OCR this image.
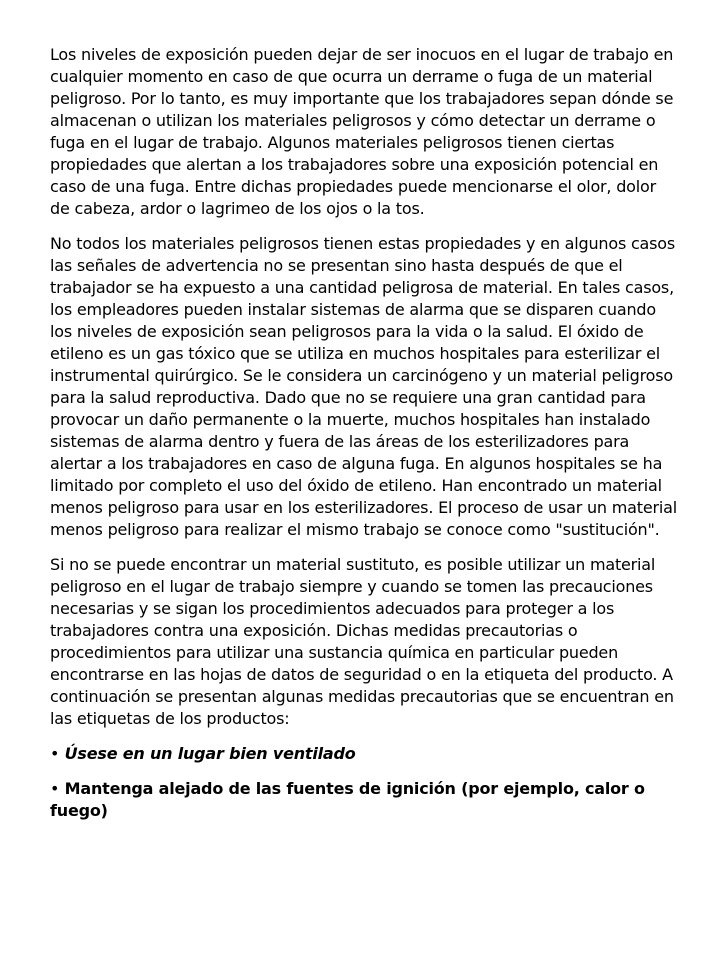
Los niveles de exposición pueden dejar de ser inocuos en el lugar de trabajo en cualquier momento en caso de que ocurra un derrame o fuga de un material peligroso. Por lo tanto, es muy importante que los trabajadores sepan dónde se almacenan o utilizan los materiales peligrosos y cómo detectar un derrame o fuga en el lugar de trabajo. Algunos materiales peligrosos tienen ciertas propiedades que alertan a los trabajadores sobre una exposición potencial en caso de una fuga. Entre dichas propiedades puede mencionarse el olor, dolor de cabeza, ardor o lagrimeo de los ojos o la tos.

No todos los materiales peligrosos tienen estas propiedades y en algunos casos las señales de advertencia no se presentan sino hasta después de que el trabajador se ha expuesto a una cantidad peligrosa de material. En tales casos, los empleadores pueden instalar sistemas de alarma que se disparen cuando los niveles de exposición sean peligrosos para la vida o la salud. El óxido de etileno es un gas tóxico que se utiliza en muchos hospitales para esterilizar el instrumental quirúrgico. Se le considera un carcinógeno y un material peligroso para la salud reproductiva. Dado que no se requiere una gran cantidad para provocar un daño permanente o la muerte, muchos hospitales han instalado sistemas de alarma dentro y fuera de las áreas de los esterilizadores para alertar a los trabajadores en caso de alguna fuga. En algunos hospitales se ha limitado por completo el uso del óxido de etileno. Han encontrado un material menos peligroso para usar en los esterilizadores. El proceso de usar un material menos peligroso para realizar el mismo trabajo se conoce como "sustitución".

Si no se puede encontrar un material sustituto, es posible utilizar un material peligroso en el lugar de trabajo siempre y cuando se tomen las precauciones necesarias y se sigan los procedimientos adecuados para proteger a los trabajadores contra una exposición. Dichas medidas precautorias o procedimientos para utilizar una sustancia química en particular pueden encontrarse en las hojas de datos de seguridad o en la etiqueta del producto. A continuación se presentan algunas medidas precautorias que se encuentran en las etiquetas de los productos:

• Úsese en un lugar bien ventilado

• Mantenga alejado de las fuentes de ignición (por ejemplo, calor o fuego)
